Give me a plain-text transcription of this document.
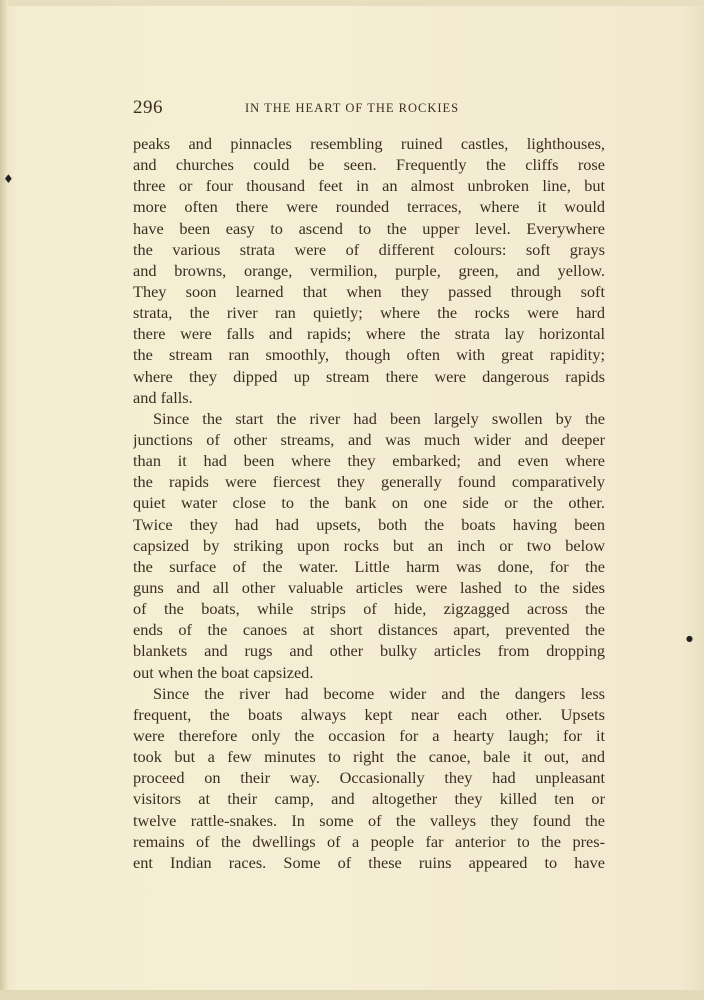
♦
●
296	IN THE HEART OF THE ROCKIES
peaks and pinnacles resembling ruined castles, lighthouses,
and churches could be seen. Frequently the cliffs rose
three or four thousand feet in an almost unbroken line, but
more often there were rounded terraces, where it would
have been easy to ascend to the upper level. Everywhere
the various strata were of different colours: soft grays
and browns, orange, vermilion, purple, green, and yellow.
They soon learned that when they passed through soft
strata, the river ran quietly; where the rocks were hard
there were falls and rapids; where the strata lay horizontal
the stream ran smoothly, though often with great rapidity;
where they dipped up stream there were dangerous rapids
and falls.
Since the start the river had been largely swollen by the
junctions of other streams, and was much wider and deeper
than it had been where they embarked; and even where
the rapids were fiercest they generally found comparatively
quiet water close to the bank on one side or the other.
Twice they had had upsets, both the boats having been
capsized by striking upon rocks but an inch or two below
the surface of the water. Little harm was done, for the
guns and all other valuable articles were lashed to the sides
of the boats, while strips of hide, zigzagged across the
ends of the canoes at short distances apart, prevented the
blankets and rugs and other bulky articles from dropping
out when the boat capsized.
Since the river had become wider and the dangers less
frequent, the boats always kept near each other. Upsets
were therefore only the occasion for a hearty laugh; for it
took but a few minutes to right the canoe, bale it out, and
proceed on their way. Occasionally they had unpleasant
visitors at their camp, and altogether they killed ten or
twelve rattle-snakes. In some of the valleys they found the
remains of the dwellings of a people far anterior to the pres-
ent Indian races. Some of these ruins appeared to have
